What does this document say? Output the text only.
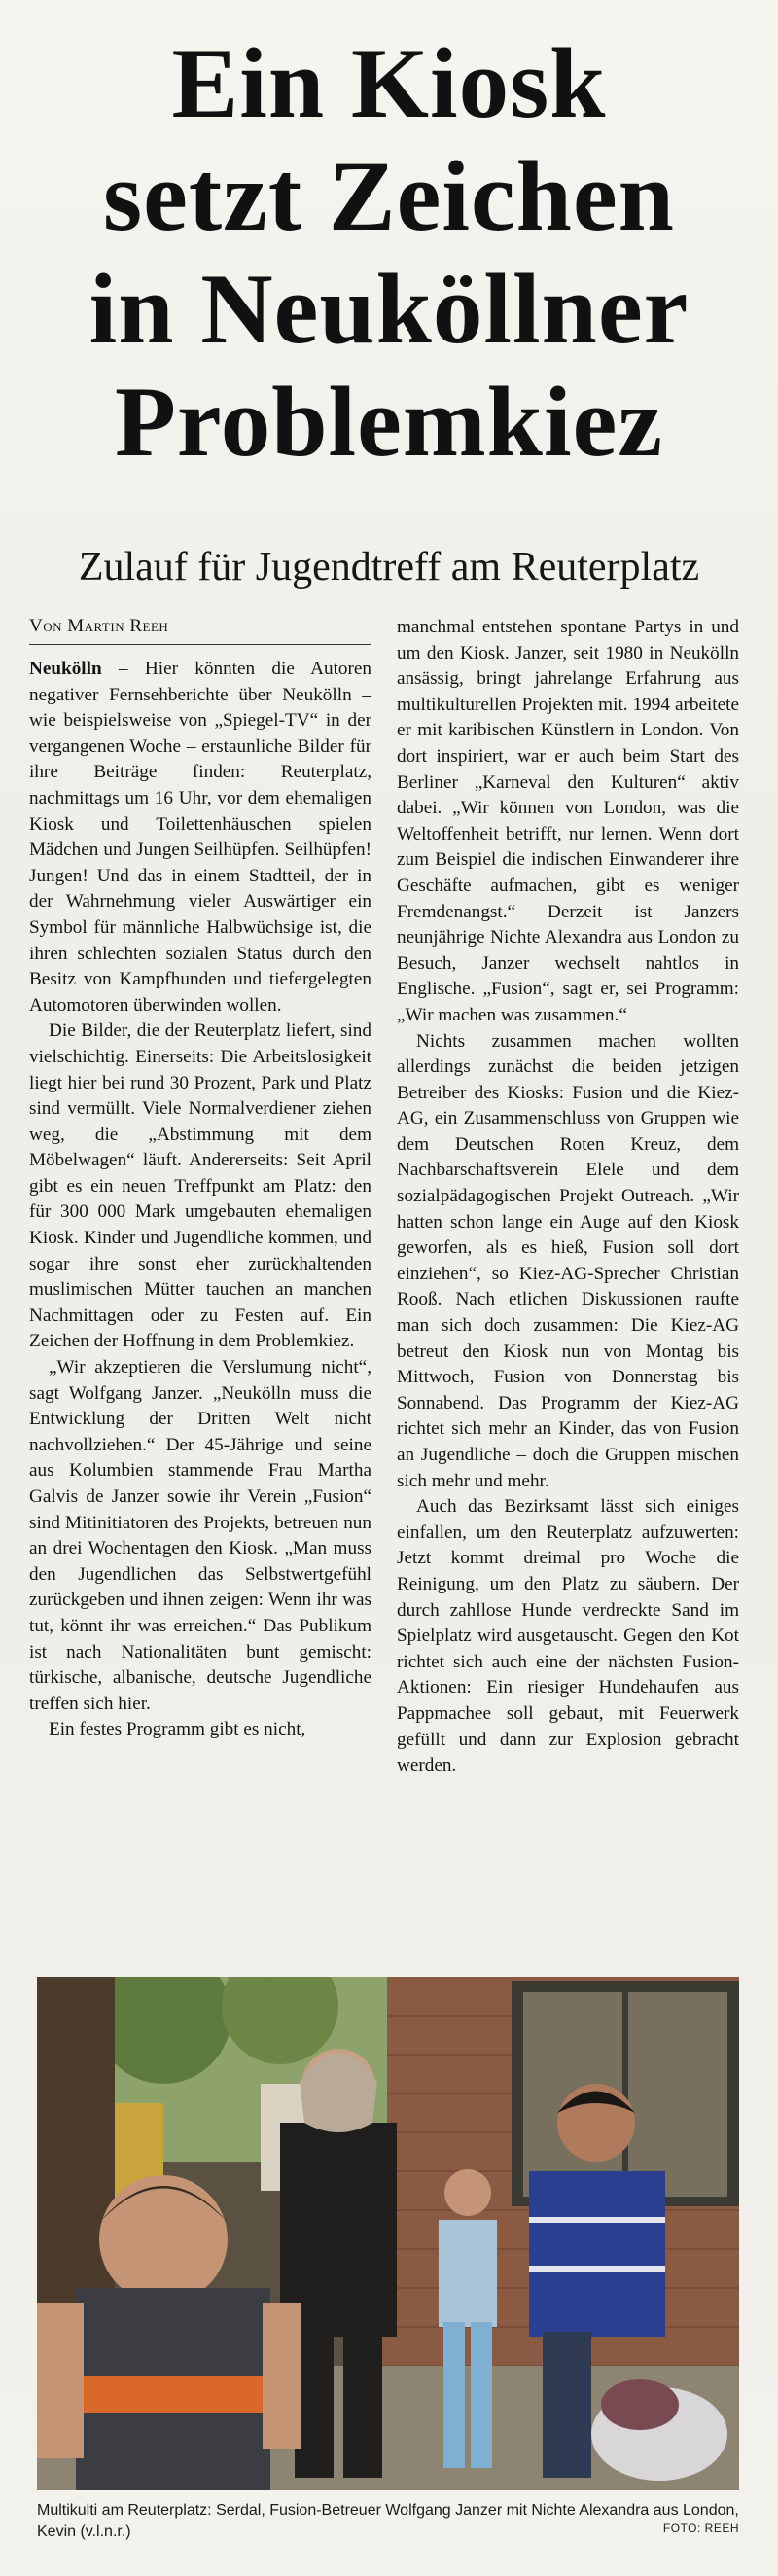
Ein Kiosk
setzt Zeichen
in Neuköllner
Problemkiez
Zulauf für Jugendtreff am Reuterplatz
Von Martin Reeh

Neukölln – Hier könnten die Autoren negativer Fernsehberichte über Neukölln – wie beispielsweise von „Spiegel-TV“ in der vergangenen Woche – erstaunliche Bilder für ihre Beiträge finden: Reuterplatz, nachmittags um 16 Uhr, vor dem ehemaligen Kiosk und Toilettenhäuschen spielen Mädchen und Jungen Seilhüpfen. Seilhüpfen! Jungen! Und das in einem Stadtteil, der in der Wahrnehmung vieler Auswärtiger ein Symbol für männliche Halbwüchsige ist, die ihren schlechten sozialen Status durch den Besitz von Kampfhunden und tiefergelegten Automotoren überwinden wollen.

Die Bilder, die der Reuterplatz liefert, sind vielschichtig. Einerseits: Die Arbeitslosigkeit liegt hier bei rund 30 Prozent, Park und Platz sind vermüllt. Viele Normalverdiener ziehen weg, die „Abstimmung mit dem Möbelwagen“ läuft. Andererseits: Seit April gibt es ein neuen Treffpunkt am Platz: den für 300 000 Mark umgebauten ehemaligen Kiosk. Kinder und Jugendliche kommen, und sogar ihre sonst eher zurückhaltenden muslimischen Mütter tauchen an manchen Nachmittagen oder zu Festen auf. Ein Zeichen der Hoffnung in dem Problemkiez.

„Wir akzeptieren die Verslumung nicht“, sagt Wolfgang Janzer. „Neukölln muss die Entwicklung der Dritten Welt nicht nachvollziehen.“ Der 45-Jährige und seine aus Kolumbien stammende Frau Martha Galvis de Janzer sowie ihr Verein „Fusion“ sind Mitinitiatoren des Projekts, betreuen nun an drei Wochentagen den Kiosk. „Man muss den Jugendlichen das Selbstwertgefühl zurückgeben und ihnen zeigen: Wenn ihr was tut, könnt ihr was erreichen.“ Das Publikum ist nach Nationalitäten bunt gemischt: türkische, albanische, deutsche Jugendliche treffen sich hier.

Ein festes Programm gibt es nicht,

manchmal entstehen spontane Partys in und um den Kiosk. Janzer, seit 1980 in Neukölln ansässig, bringt jahrelange Erfahrung aus multikulturellen Projekten mit. 1994 arbeitete er mit karibischen Künstlern in London. Von dort inspiriert, war er auch beim Start des Berliner „Karneval den Kulturen“ aktiv dabei. „Wir können von London, was die Weltoffenheit betrifft, nur lernen. Wenn dort zum Beispiel die indischen Einwanderer ihre Geschäfte aufmachen, gibt es weniger Fremdenangst.“ Derzeit ist Janzers neunjährige Nichte Alexandra aus London zu Besuch, Janzer wechselt nahtlos in Englische. „Fusion“, sagt er, sei Programm: „Wir machen was zusammen.“

Nichts zusammen machen wollten allerdings zunächst die beiden jetzigen Betreiber des Kiosks: Fusion und die Kiez-AG, ein Zusammenschluss von Gruppen wie dem Deutschen Roten Kreuz, dem Nachbarschaftsverein Elele und dem sozialpädagogischen Projekt Outreach. „Wir hatten schon lange ein Auge auf den Kiosk geworfen, als es hieß, Fusion soll dort einziehen“, so Kiez-AG-Sprecher Christian Rooß. Nach etlichen Diskussionen raufte man sich doch zusammen: Die Kiez-AG betreut den Kiosk nun von Montag bis Mittwoch, Fusion von Donnerstag bis Sonnabend. Das Programm der Kiez-AG richtet sich mehr an Kinder, das von Fusion an Jugendliche – doch die Gruppen mischen sich mehr und mehr.

Auch das Bezirksamt lässt sich einiges einfallen, um den Reuterplatz aufzuwerten: Jetzt kommt dreimal pro Woche die Reinigung, um den Platz zu säubern. Der durch zahllose Hunde verdreckte Sand im Spielplatz wird ausgetauscht. Gegen den Kot richtet sich auch eine der nächsten Fusion-Aktionen: Ein riesiger Hundehaufen aus Pappmachee soll gebaut, mit Feuerwerk gefüllt und dann zur Explosion gebracht werden.

Multikulti am Reuterplatz: Serdal, Fusion-Betreuer Wolfgang Janzer mit Nichte Alexandra aus London, Kevin (v.l.n.r.)	FOTO: REEH
